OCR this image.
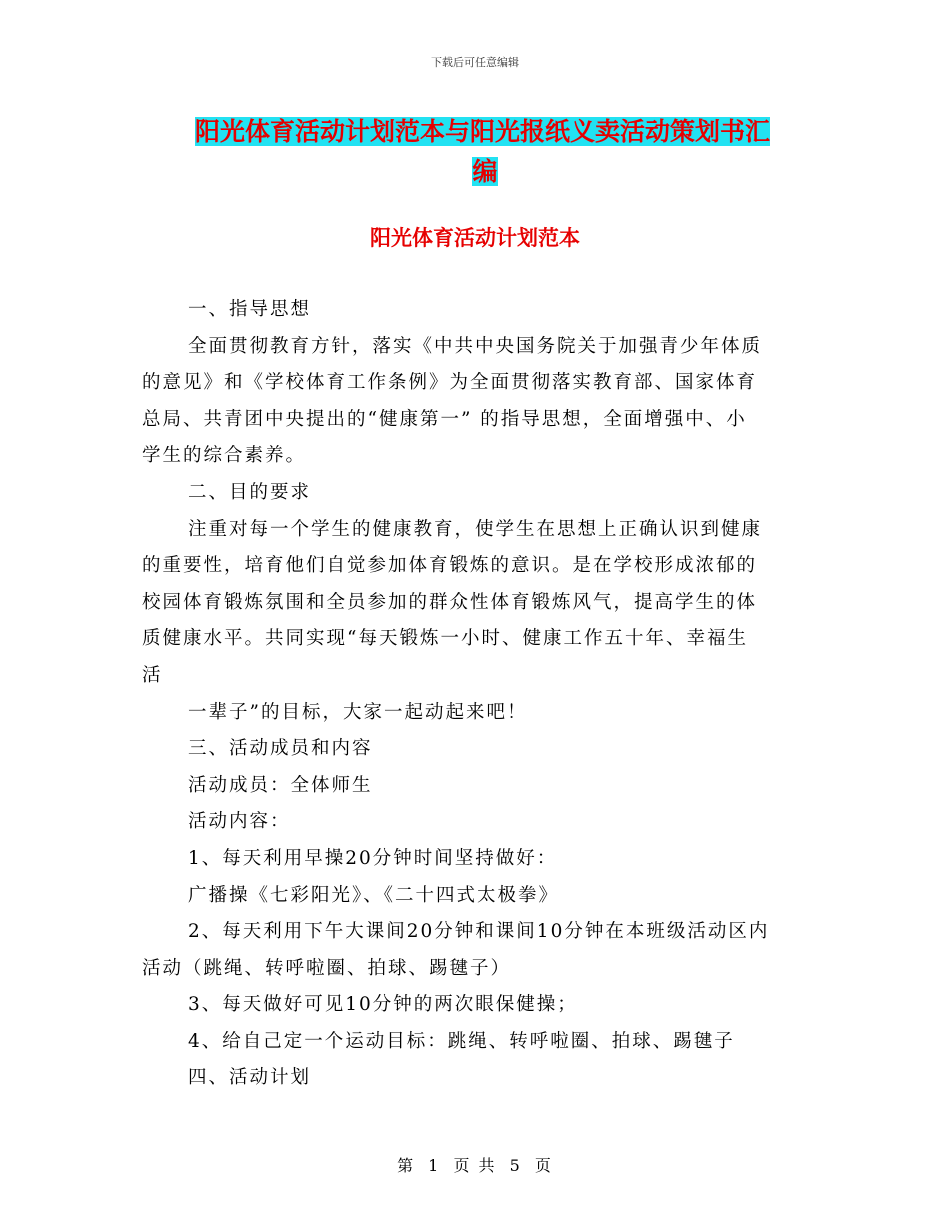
下载后可任意编辑
阳光体育活动计划范本与阳光报纸义卖活动策划书汇
编
阳光体育活动计划范本

一、指导思想

全面贯彻教育方针，落实《中共中央国务院关于加强青少年体质

的意见》和《学校体育工作条例》为全面贯彻落实教育部、国家体育

总局、共青团中央提出的“健康第一” 的指导思想，全面增强中、小

学生的综合素养。

二、目的要求

注重对每一个学生的健康教育，使学生在思想上正确认识到健康

的重要性，培育他们自觉参加体育锻炼的意识。是在学校形成浓郁的

校园体育锻炼氛围和全员参加的群众性体育锻炼风气，提高学生的体

质健康水平。共同实现“每天锻炼一小时、健康工作五十年、幸福生

活

一辈子”的目标，大家一起动起来吧！

三、活动成员和内容

活动成员：全体师生

活动内容：

1、每天利用早操20分钟时间坚持做好：

广播操《七彩阳光》、《二十四式太极拳》

2、每天利用下午大课间20分钟和课间10分钟在本班级活动区内

活动（跳绳、转呼啦圈、拍球、踢毽子）

3、每天做好可见10分钟的两次眼保健操；

4、给自己定一个运动目标：跳绳、转呼啦圈、拍球、踢毽子

四、活动计划

第 1 页 共 5 页
